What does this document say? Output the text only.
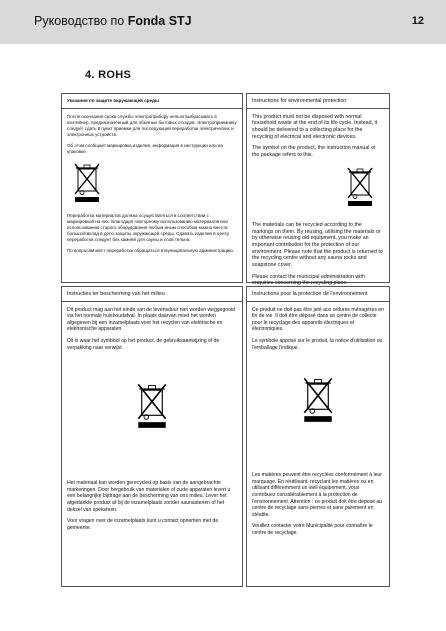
Руководство по Fonda STJ	12
4. ROHS
Указания по защите окружающей среды

После окончания срока службы электроприбору нельзя выбрасывать в контейнер, предназначенный для обычных бытовых отходов. Электроприемнику следует сдать в пункт приемки для последующей переработки электрических и электронных устройств.

Об этом сообщает маркировка изделия, информация в инструкции или на упаковке.

Переработка материалов должна осуществляться в соответствии с маркировкой на них. Благодаря повторному использованию материалов или использованию старого оборудования любым иным способом можно внести большой вклад в дело защиты окружающей среды. Сдавать изделие в центр переработки следует без камней для сауны и слов тельна.

По вопросам мест переработки обращаться в муниципальную администрацию.

Instructions for environmental protection

This product must not be disposed with normal household waste at the end of its life cycle. Instead, it should be delivered to a collecting place for the recycling of electrical and electronic devices.

The symbol on the product, the instruction manual or the package refers to this.

The materials can be recycled according to the markings on them. By reusing, utilising the materials or by otherwise reusing old equipment, you make an important contribution for the protection of our environment. Please note that the product is returned to the recycling centre without any sauna rocks and soapstone cover.

Please contact the municipal administration with enquiries concerning the recycling place.

Instructies ter bescherming van het milieu

Dit product mag aan het einde van de levensduur niet worden weggegooid via het normale huishoudafval. In plaats daarvan moet het worden afgegeven bij een inzamelplaats voor het recyclen van elektrische en elektronische apparaten.

Dit is waar het symbool op het product, de gebruiksaanwijzing of de verpakking naar verwijst.

Het materiaal kan worden gerecycled op basis van de aangebrachte markeringen. Door hergebruik van materialen of oude apparaten levert u een belangrijke bijdrage aan de bescherming van ons milieu. Lever het afgedankte product af bij de inzamelplaats zonder saunastenen of het deksel van speksteen.

Voor vragen over de inzamelplaats kunt u contact opnemen met de gemeente.

Instructions pour la protection de l'environnement

Ce produit ne doit pas être jeté aux ordures ménagères en fin de vie. Il doit être déposé dans un centre de collecte pour le recyclage des appareils électriques et électroniques.

Le symbole apposé sur le produit, la notice d'utilisation ou l'emballage l'indique.

Les matières peuvent être recyclées conformément à leur marquage. En réutilisant, recyclant les matières ou en utilisant différemment un vieil équipement, vous contribuez considérablement à la protection de l'environnement. Attention : ce produit doit être déposé au centre de recyclage sans pierres et sans parement en stéatite.

Veuillez contacter votre Municipalité pour connaître le centre de recyclage.
